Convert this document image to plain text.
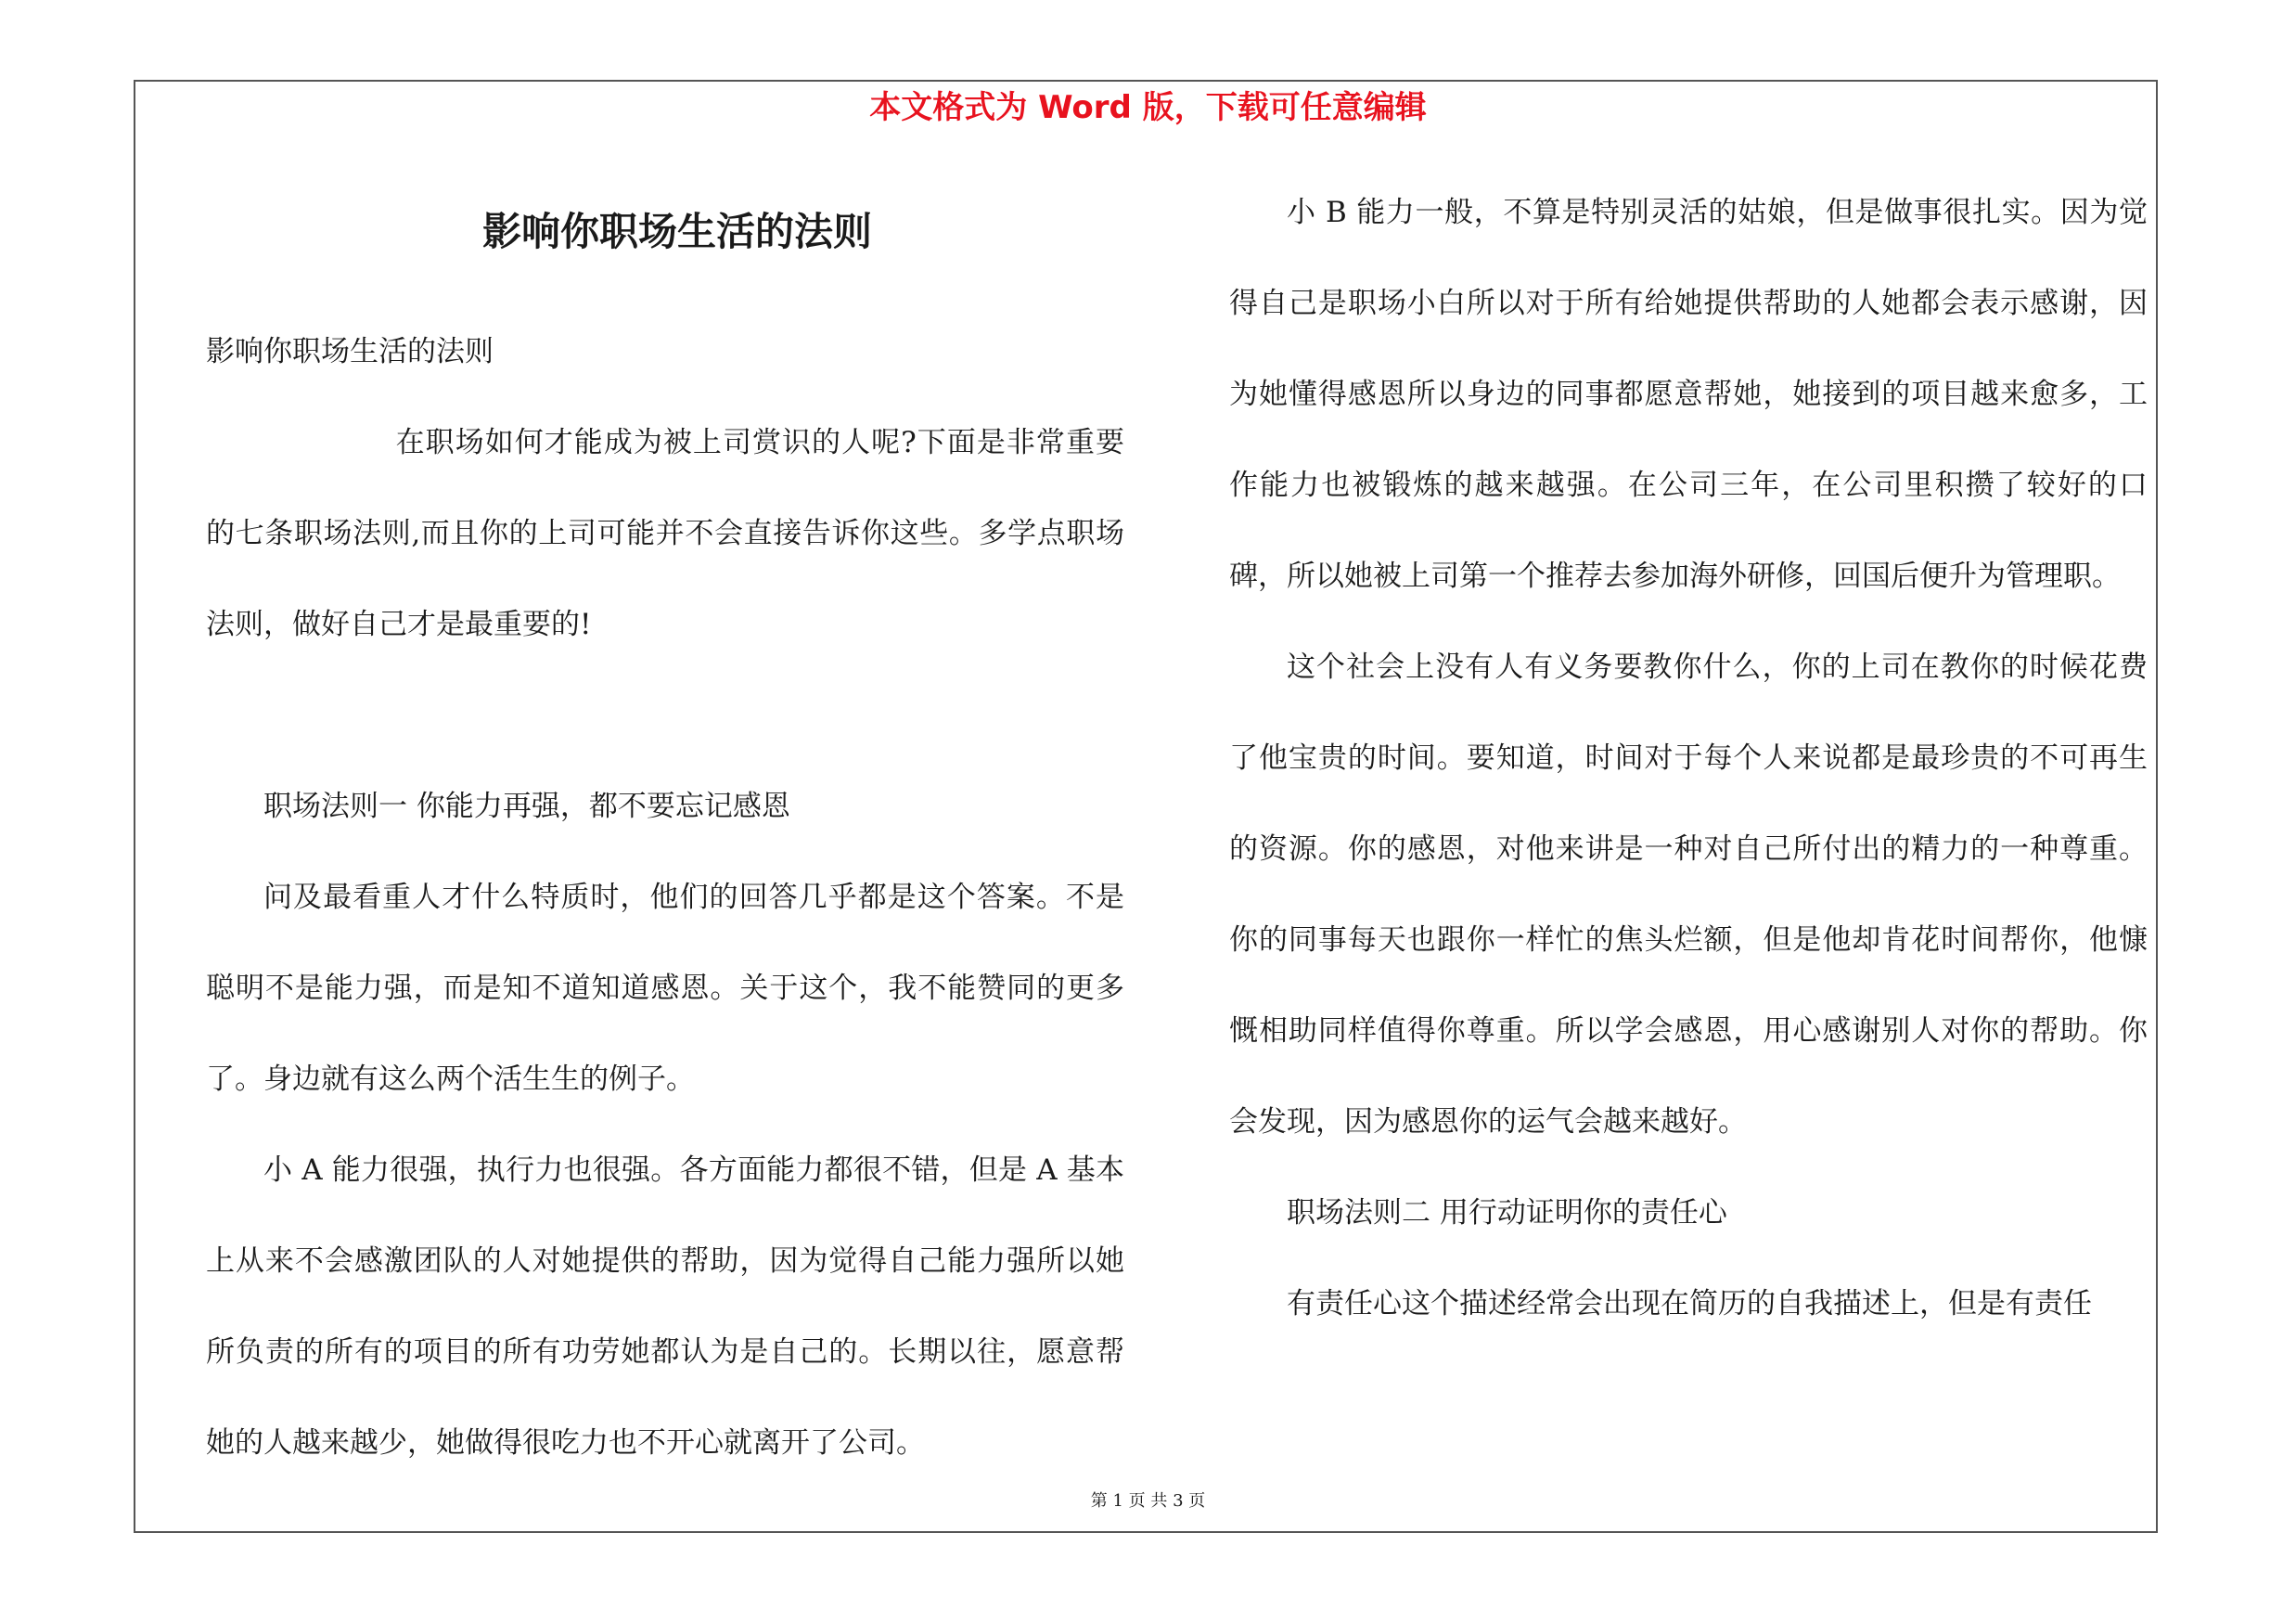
本文格式为 Word 版，下载可任意编辑
影响你职场生活的法则

影响你职场生活的法则

在职场如何才能成为被上司赏识的人呢?下面是非常重要的七条职场法则,而且你的上司可能并不会直接告诉你这些。多学点职场法则，做好自己才是最重要的!

职场法则一 你能力再强，都不要忘记感恩

问及最看重人才什么特质时，他们的回答几乎都是这个答案。不是聪明不是能力强，而是知不道知道感恩。关于这个，我不能赞同的更多了。身边就有这么两个活生生的例子。

小 A 能力很强，执行力也很强。各方面能力都很不错，但是 A 基本上从来不会感激团队的人对她提供的帮助，因为觉得自己能力强所以她所负责的所有的项目的所有功劳她都认为是自己的。长期以往，愿意帮她的人越来越少，她做得很吃力也不开心就离开了公司。

小 B 能力一般，不算是特别灵活的姑娘，但是做事很扎实。因为觉得自己是职场小白所以对于所有给她提供帮助的人她都会表示感谢，因为她懂得感恩所以身边的同事都愿意帮她，她接到的项目越来愈多，工作能力也被锻炼的越来越强。在公司三年，在公司里积攒了较好的口碑，所以她被上司第一个推荐去参加海外研修，回国后便升为管理职。

这个社会上没有人有义务要教你什么，你的上司在教你的时候花费了他宝贵的时间。要知道，时间对于每个人来说都是最珍贵的不可再生的资源。你的感恩，对他来讲是一种对自己所付出的精力的一种尊重。你的同事每天也跟你一样忙的焦头烂额，但是他却肯花时间帮你，他慷慨相助同样值得你尊重。所以学会感恩，用心感谢别人对你的帮助。你会发现，因为感恩你的运气会越来越好。

职场法则二 用行动证明你的责任心

有责任心这个描述经常会出现在简历的自我描述上，但是有责任

第 1 页 共 3 页
